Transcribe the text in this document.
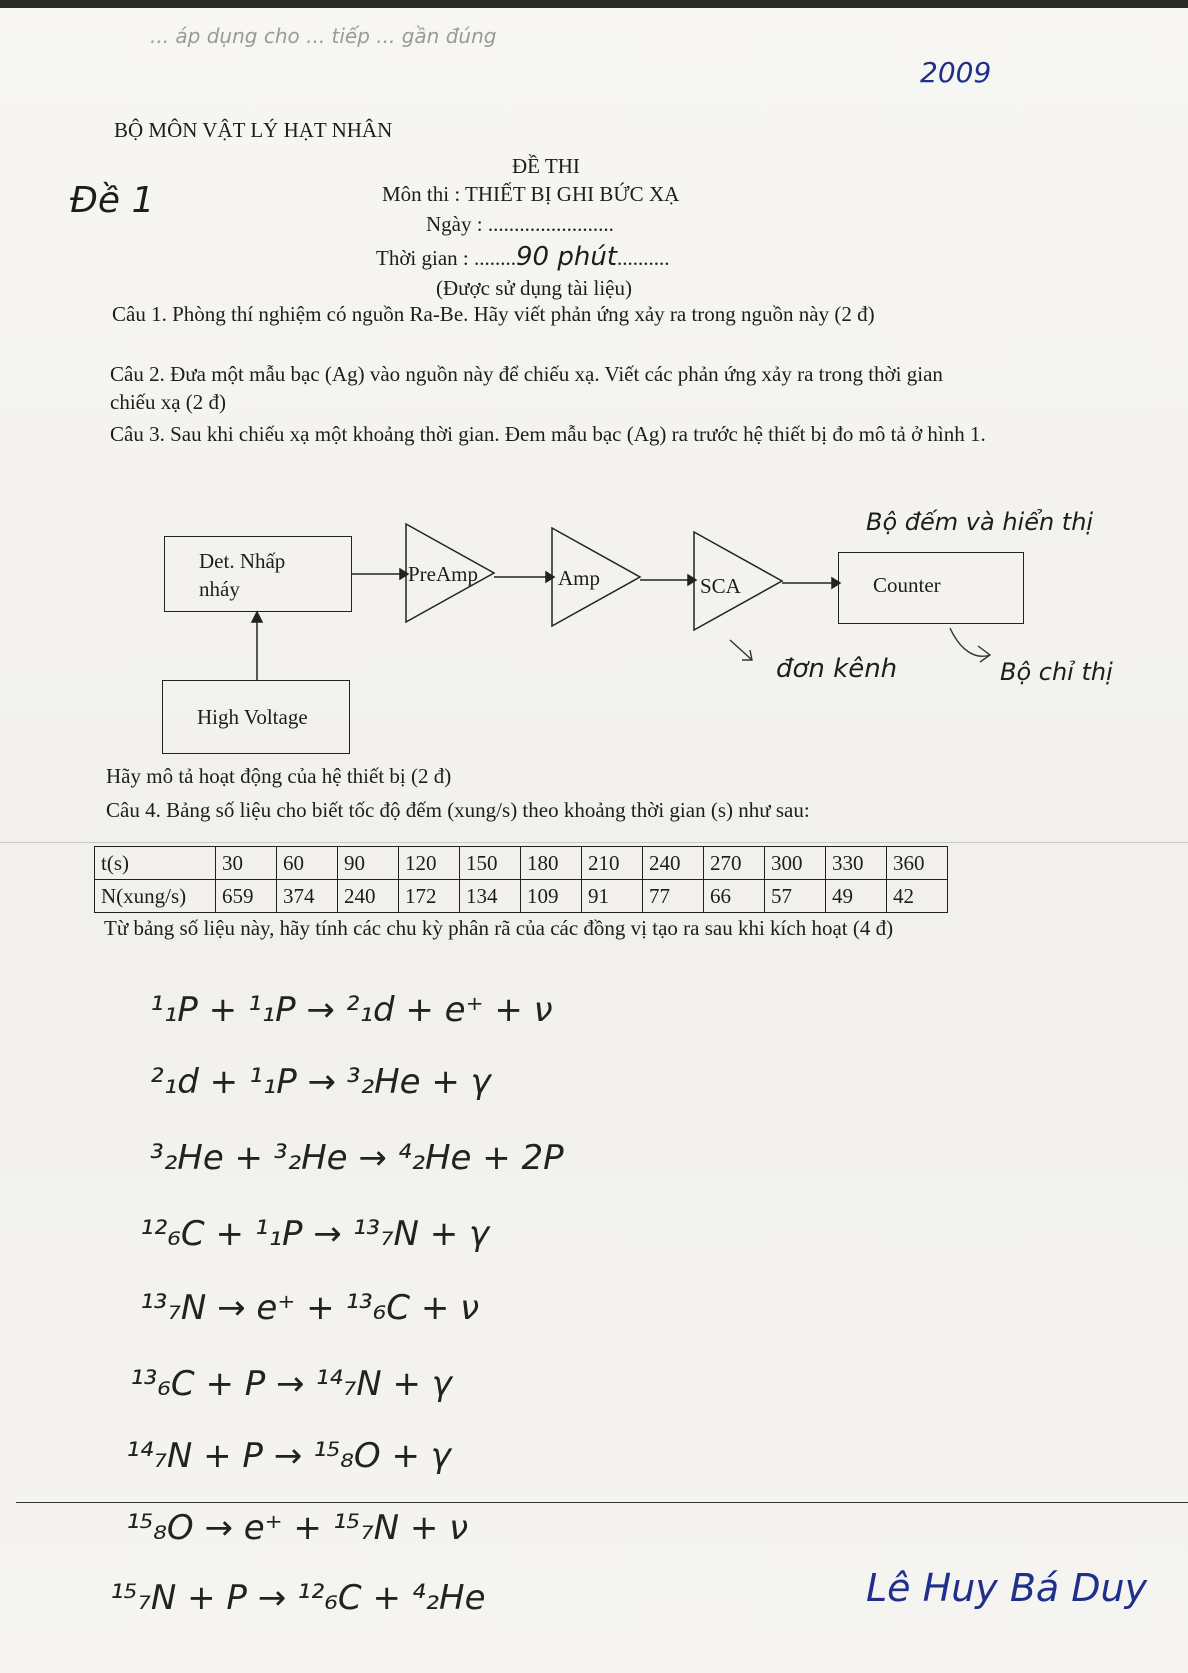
... áp dụng cho ... tiếp ... gần đúng
2009
BỘ MÔN VẬT LÝ HẠT NHÂN
ĐỀ THI
Đề 1	Môn thi : THIẾT BỊ GHI BỨC XẠ
Ngày : ........................
Thời gian : ........90 phút..........
(Được sử dụng tài liệu)
Câu 1. Phòng thí nghiệm có nguồn Ra-Be. Hãy viết phản ứng xảy ra trong nguồn này (2 đ)
Câu 2. Đưa một mẫu bạc (Ag) vào nguồn này để chiếu xạ. Viết các phản ứng xảy ra trong thời gian chiếu xạ (2 đ)
Câu 3. Sau khi chiếu xạ một khoảng thời gian. Đem mẫu bạc (Ag) ra trước hệ thiết bị đo mô tả ở hình 1.
Det. Nhấp nháy
High Voltage
Counter
PreAmp	Amp	SCA
Bộ đếm và hiển thị
đơn kênh	Bộ chỉ thị
Hãy mô tả hoạt động của hệ thiết bị (2 đ)
Câu 4. Bảng số liệu cho biết tốc độ đếm (xung/s) theo khoảng thời gian (s) như sau:
t(s)	30	60	90	120	150	180	210	240	270	300	330	360
N(xung/s)	659	374	240	172	134	109	91	77	66	57	49	42
Từ bảng số liệu này, hãy tính các chu kỳ phân rã của các đồng vị tạo ra sau khi kích hoạt (4 đ)
¹₁P + ¹₁P → ²₁d + e⁺ + ν
²₁d + ¹₁P → ³₂He + γ
³₂He + ³₂He → ⁴₂He + 2P
¹²₆C + ¹₁P → ¹³₇N + γ
¹³₇N → e⁺ + ¹³₆C + ν
¹³₆C + P → ¹⁴₇N + γ
¹⁴₇N + P → ¹⁵₈O + γ
¹⁵₈O → e⁺ + ¹⁵₇N + ν
¹⁵₇N + P → ¹²₆C + ⁴₂He	Lê Huy Bá Duy
